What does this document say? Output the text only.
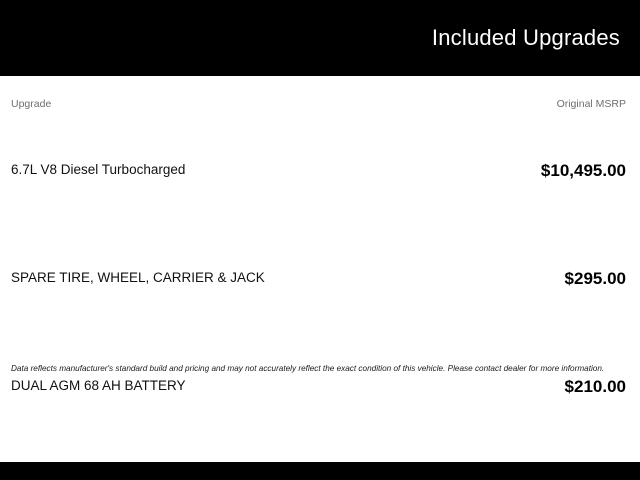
Included Upgrades
Upgrade	Original MSRP
6.7L V8 Diesel Turbocharged	$10,495.00
SPARE TIRE, WHEEL, CARRIER & JACK	$295.00
DUAL AGM 68 AH BATTERY	$210.00
Data reflects manufacturer's standard build and pricing and may not accurately reflect the exact condition of this vehicle. Please contact dealer for more information.
